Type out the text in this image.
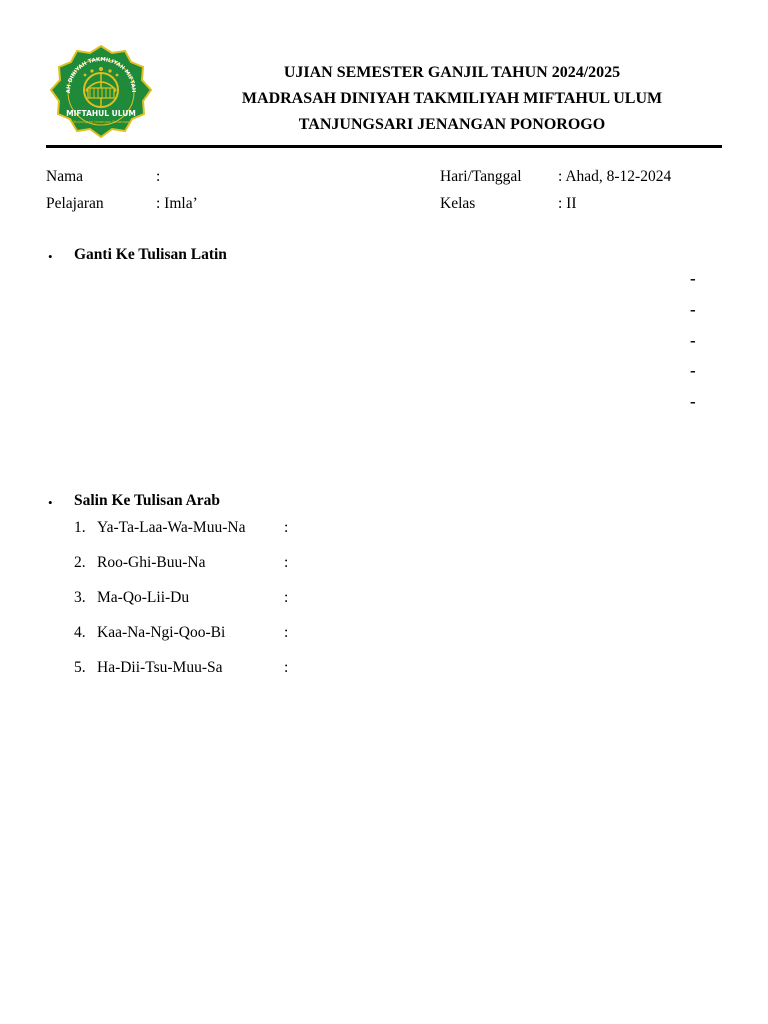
AH DINIYAH TAKMILIYAH MIFTAH
MIFTAHUL ULUM
Tanjungsari Jenangan Ponorogo
UJIAN SEMESTER GANJIL TAHUN 2024/2025
MADRASAH DINIYAH TAKMILIYAH MIFTAHUL ULUM
TANJUNGSARI JENANGAN PONOROGO
Nama	:
Pelajaran	: Imla’
Hari/Tanggal : Ahad, 8-12-2024
Kelas	: II
• Ganti Ke Tulisan Latin
-
-
-
-
-
• Salin Ke Tulisan Arab
1. Ya-Ta-Laa-Wa-Muu-Na :
2. Roo-Ghi-Buu-Na	:
3. Ma-Qo-Lii-Du	:
4. Kaa-Na-Ngi-Qoo-Bi	:
5. Ha-Dii-Tsu-Muu-Sa	:
